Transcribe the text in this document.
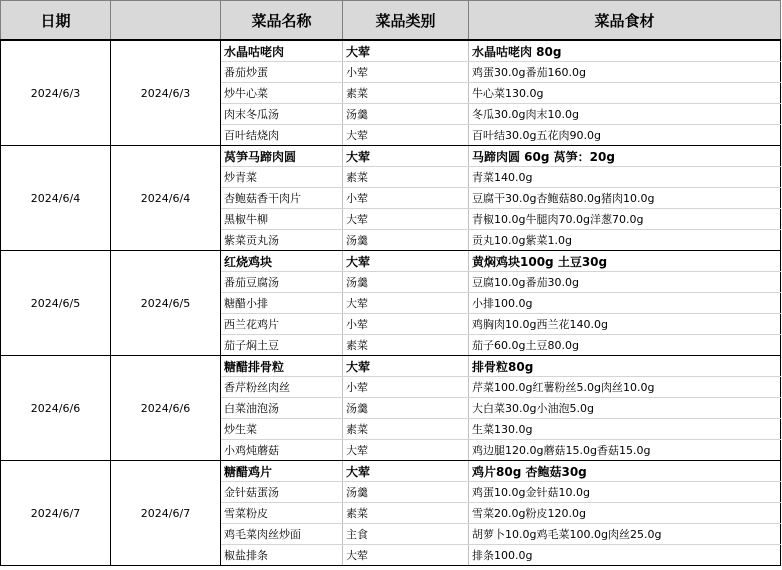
日期		菜品名称	菜品类别	菜品食材
2024/6/3	2024/6/3	水晶咕咾肉	大荤	水晶咕咾肉 80g
		番茄炒蛋	小荤	鸡蛋30.0g番茄160.0g
		炒牛心菜	素菜	牛心菜130.0g
		肉末冬瓜汤	汤羹	冬瓜30.0g肉末10.0g
		百叶结烧肉	大荤	百叶结30.0g五花肉90.0g
2024/6/4	2024/6/4	莴笋马蹄肉圆	大荤	马蹄肉圆 60g 莴笋：20g
		炒青菜	素菜	青菜140.0g
		杏鲍菇香干肉片	小荤	豆腐干30.0g杏鲍菇80.0g猪肉10.0g
		黑椒牛柳	大荤	青椒10.0g牛腿肉70.0g洋葱70.0g
		紫菜贡丸汤	汤羹	贡丸10.0g紫菜1.0g
2024/6/5	2024/6/5	红烧鸡块	大荤	黄焖鸡块100g 土豆30g
		番茄豆腐汤	汤羹	豆腐10.0g番茄30.0g
		糖醋小排	大荤	小排100.0g
		西兰花鸡片	小荤	鸡胸肉10.0g西兰花140.0g
		茄子焖土豆	素菜	茄子60.0g土豆80.0g
2024/6/6	2024/6/6	糖醋排骨粒	大荤	排骨粒80g
		香芹粉丝肉丝	小荤	芹菜100.0g红薯粉丝5.0g肉丝10.0g
		白菜油泡汤	汤羹	大白菜30.0g小油泡5.0g
		炒生菜	素菜	生菜130.0g
		小鸡炖蘑菇	大荤	鸡边腿120.0g蘑菇15.0g香菇15.0g
2024/6/7	2024/6/7	糖醋鸡片	大荤	鸡片80g 杏鲍菇30g
		金针菇蛋汤	汤羹	鸡蛋10.0g金针菇10.0g
		雪菜粉皮	素菜	雪菜20.0g粉皮120.0g
		鸡毛菜肉丝炒面	主食	胡萝卜10.0g鸡毛菜100.0g肉丝25.0g
		椒盐排条	大荤	排条100.0g
